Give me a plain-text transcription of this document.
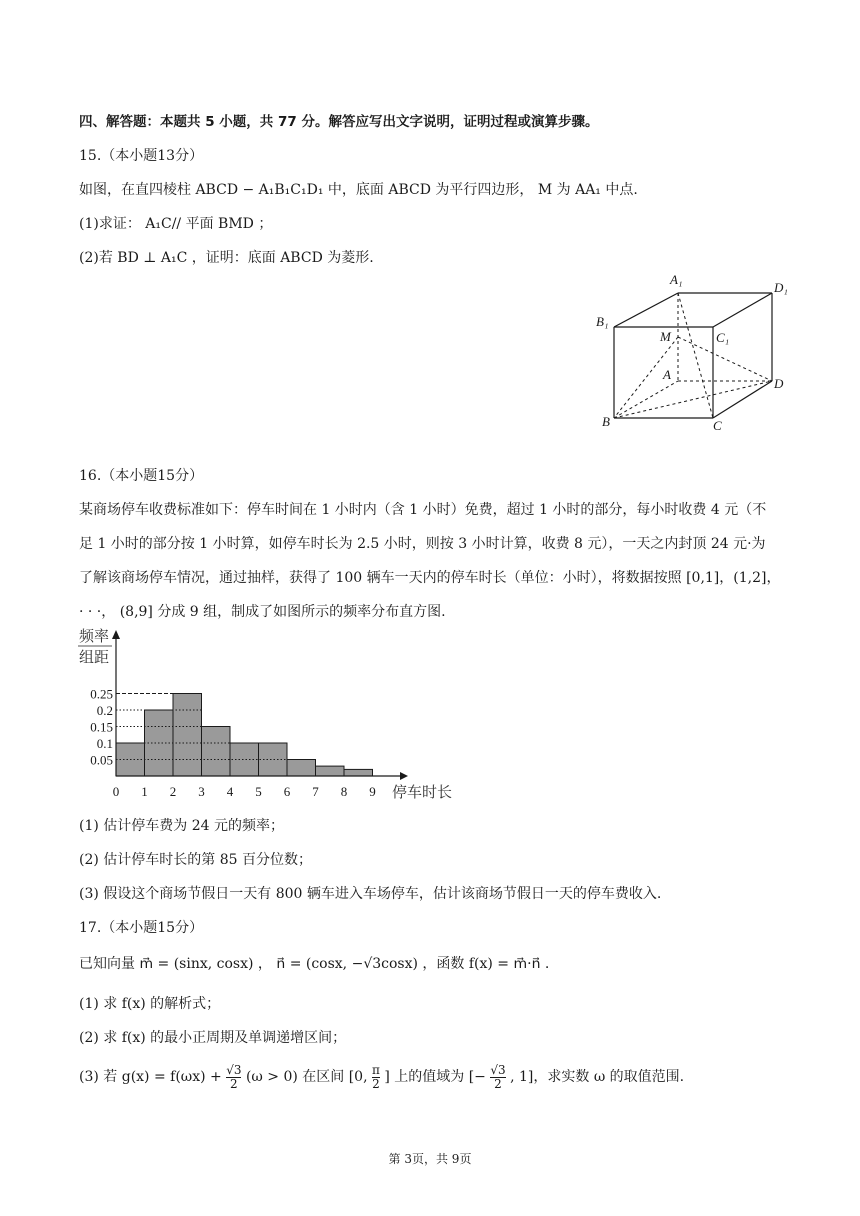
四、解答题：本题共 5 小题，共 77 分。解答应写出文字说明，证明过程或演算步骤。
15.（本小题13分）
如图，在直四棱柱 ABCD − A₁B₁C₁D₁ 中，底面 ABCD 为平行四边形， M 为 AA₁ 中点.
(1)求证： A₁C// 平面 BMD ；
(2)若 BD ⊥ A₁C ，证明：底面 ABCD 为菱形.
A₁
D₁
B₁
C₁
M
A
D
B	C
16.（本小题15分）
某商场停车收费标准如下：停车时间在 1 小时内（含 1 小时）免费，超过 1 小时的部分，每小时收费 4 元（不
足 1 小时的部分按 1 小时算，如停车时长为 2.5 小时，则按 3 小时计算，收费 8 元），一天之内封顶 24 元·为
了解该商场停车情况，通过抽样，获得了 100 辆车一天内的停车时长（单位：小时），将数据按照 [0,1]，(1,2]，
· · ·， (8,9] 分成 9 组，制成了如图所示的频率分布直方图.
0.05
0.1
0.15
0.2
0.25
0 1 2 3 4 5 6 7 8 9
频率
组距
停车时长
(1) 估计停车费为 24 元的频率；
(2) 估计停车时长的第 85 百分位数；
(3) 假设这个商场节假日一天有 800 辆车进入车场停车，估计该商场节假日一天的停车费收入.
17.（本小题15分）
已知向量 m⃗ = (sinx, cosx) ， n⃗ = (cosx, −√3cosx) ，函数 f(x) = m⃗·n⃗ .
(1) 求 f(x) 的解析式；
(2) 求 f(x) 的最小正周期及单调递增区间；
(3) 若 $g(x) = f(\omega x) + \frac{√3}{2} (\omega > 0)$ 在区间 [0, $\frac{\pi}{2}$ ] 上的值域为 [− $\frac{√3}{2}$ , 1]，求实数 ω 的取值范围.
第 3页，共 9页
